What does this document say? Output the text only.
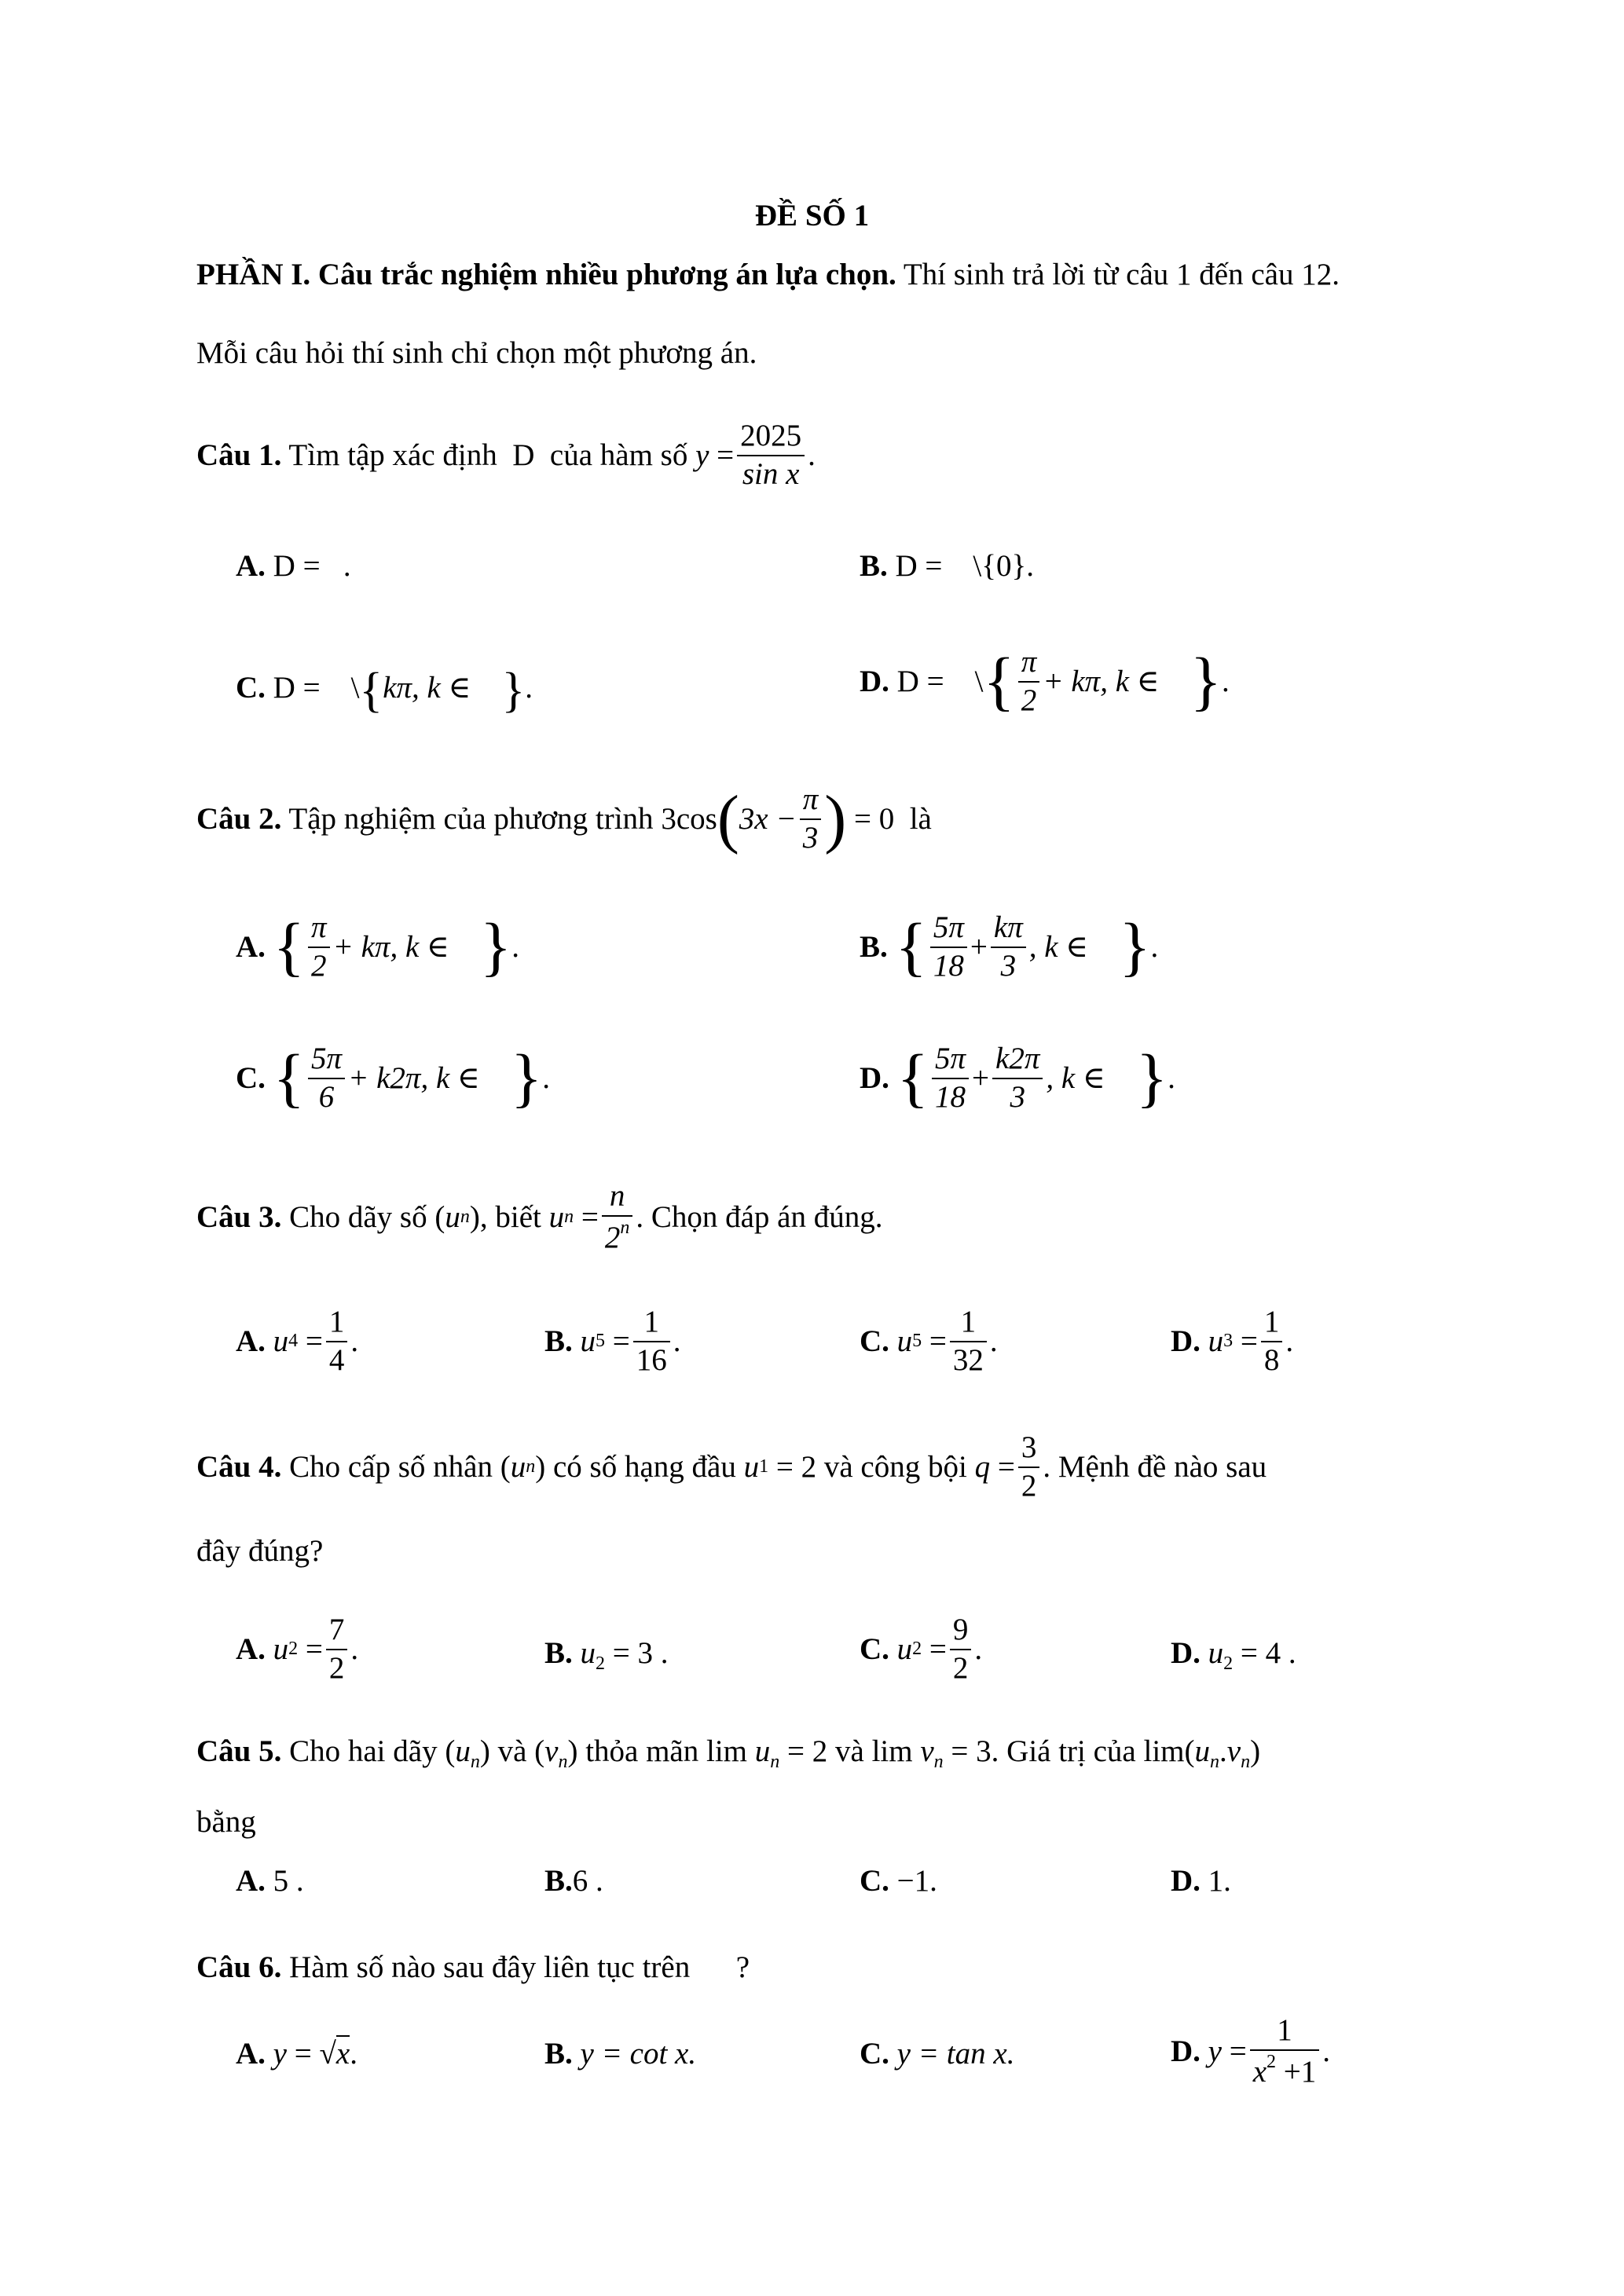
ĐỀ SỐ 1
PHẦN I. Câu trắc nghiệm nhiều phương án lựa chọn. Thí sinh trả lời từ câu 1 đến câu 12.
Mỗi câu hỏi thí sinh chỉ chọn một phương án.
Câu 1. Tìm tập xác định  D  của hàm số $y = \frac{2025}{\text{sin x}}$ .
A. D =   .	B. D =    \{0}.
C. D =    \{kπ, k ∈    }.	D.
D =    \ { $\frac{\pi}{2} + k\pi$, k ∈ } .
Câu 2. Tập nghiệm của phương trình 3cos ( $3x - \frac{\pi}{3}$ )
= 0  là
A.
{ $\frac{\pi}{2} + k\pi$, k ∈ } .	B.
{ $\frac{5\pi}{18} + \frac{k\pi}{3}$ , k ∈ } .
C.
{ $\frac{5\pi}{6} + k2\pi$, k ∈ } .	D.
{ $\frac{5\pi}{18} + \frac{k2\pi}{3}$ , k ∈ } .
Câu 3. Cho dãy số ( u n ) , biết u $n = \frac{n}{2^n}$ . Chọn đáp án đúng.
A.
u $4 = \frac{1}{4}$ .	B.
u $5 = \frac{1}{16}$ .	C.
u $5 = \frac{1}{32}$ .	D.
u $3 = \frac{1}{8}$ .
Câu 4. Cho cấp số nhân ( u n ) có số hạng đầu u 1 = 2 và công bội $q = \frac{3}{2}$ . Mệnh đề nào sau
đây đúng?
A.
u $2 = \frac{7}{2}$ .	B. $u_2 = 3$ .	C.
u $2 = \frac{9}{2}$ .	D. $u_2 = 4$ .
Câu 5. Cho hai dãy $(u_n)$ và $(v_n)$ thỏa mãn $\lim u_n = 2$ và $\lim v_n = 3$. Giá trị của $\lim(u_n.v_n)$
bằng
A. 5 .	B.6 .	C. −1.	D. 1.
Câu 6. Hàm số nào sau đây liên tục trên      ?
A. y = √x.	B. y = cot x.	C. y = tan x.	D.
$y = \frac{1}{x^2 +1}$ .
